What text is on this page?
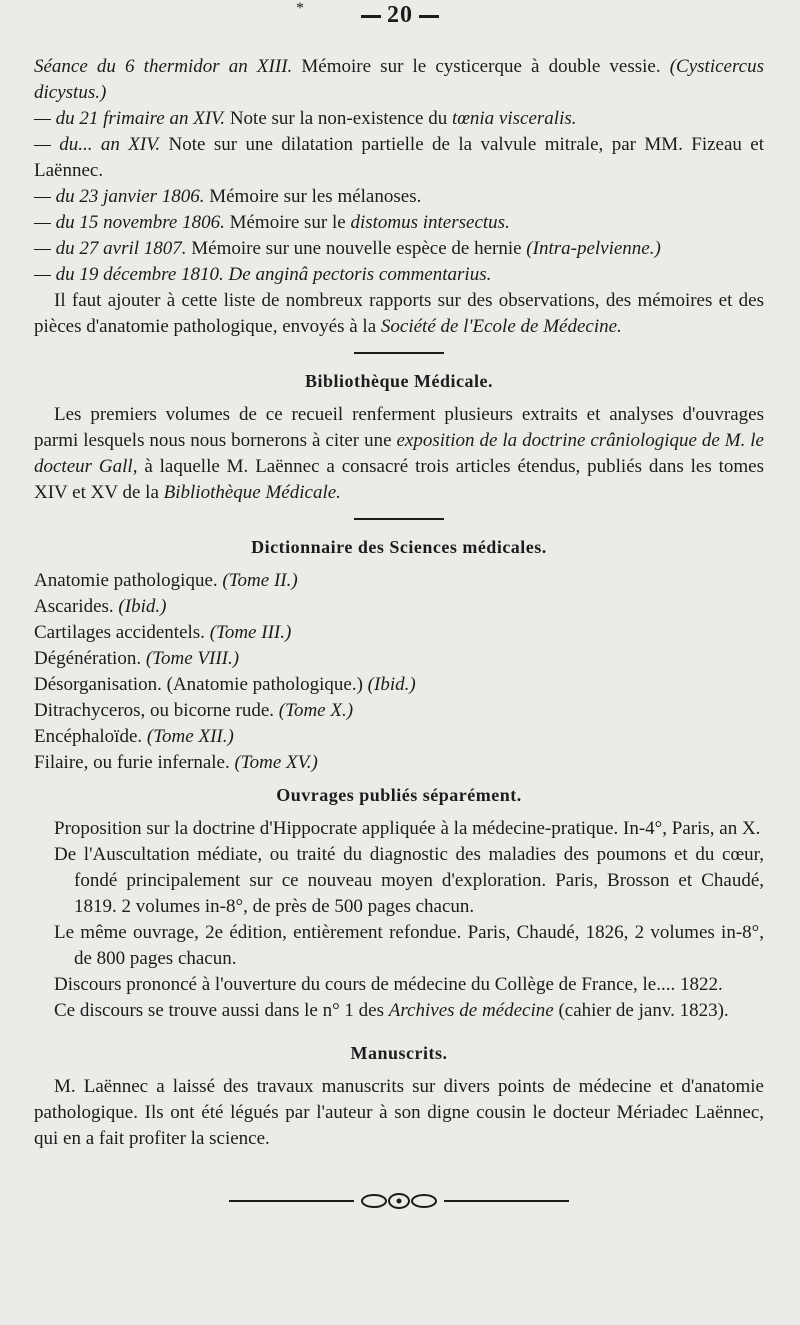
*	20

Séance du 6 thermidor an XIII. Mémoire sur le cysticerque à double vessie. (Cysticercus dicystus.)

— du 21 frimaire an XIV. Note sur la non-existence du tœnia visceralis.

— du... an XIV. Note sur une dilatation partielle de la valvule mitrale, par MM. Fizeau et Laënnec.

— du 23 janvier 1806. Mémoire sur les mélanoses.

— du 15 novembre 1806. Mémoire sur le distomus intersectus.

— du 27 avril 1807. Mémoire sur une nouvelle espèce de hernie (Intra-pelvienne.)

— du 19 décembre 1810. De anginâ pectoris commentarius.

Il faut ajouter à cette liste de nombreux rapports sur des observations, des mémoires et des pièces d'anatomie pathologique, envoyés à la Société de l'Ecole de Médecine.

Bibliothèque Médicale.

Les premiers volumes de ce recueil renferment plusieurs extraits et analyses d'ouvrages parmi lesquels nous nous bornerons à citer une exposition de la doctrine crâniologique de M. le docteur Gall, à laquelle M. Laënnec a consacré trois articles étendus, publiés dans les tomes XIV et XV de la Bibliothèque Médicale.

Dictionnaire des Sciences médicales.

Anatomie pathologique. (Tome II.)

Ascarides. (Ibid.)

Cartilages accidentels. (Tome III.)

Dégénération. (Tome VIII.)

Désorganisation. (Anatomie pathologique.) (Ibid.)

Ditrachyceros, ou bicorne rude. (Tome X.)

Encéphaloïde. (Tome XII.)

Filaire, ou furie infernale. (Tome XV.)

Ouvrages publiés séparément.

Proposition sur la doctrine d'Hippocrate appliquée à la médecine-pratique. In-4°, Paris, an X.

De l'Auscultation médiate, ou traité du diagnostic des maladies des poumons et du cœur, fondé principalement sur ce nouveau moyen d'exploration. Paris, Brosson et Chaudé, 1819. 2 volumes in-8°, de près de 500 pages chacun.

Le même ouvrage, 2e édition, entièrement refondue. Paris, Chaudé, 1826, 2 volumes in-8°, de 800 pages chacun.

Discours prononcé à l'ouverture du cours de médecine du Collège de France, le.... 1822.

Ce discours se trouve aussi dans le n° 1 des Archives de médecine (cahier de janv. 1823).

Manuscrits.

M. Laënnec a laissé des travaux manuscrits sur divers points de médecine et d'anatomie pathologique. Ils ont été légués par l'auteur à son digne cousin le docteur Mériadec Laënnec, qui en a fait profiter la science.
